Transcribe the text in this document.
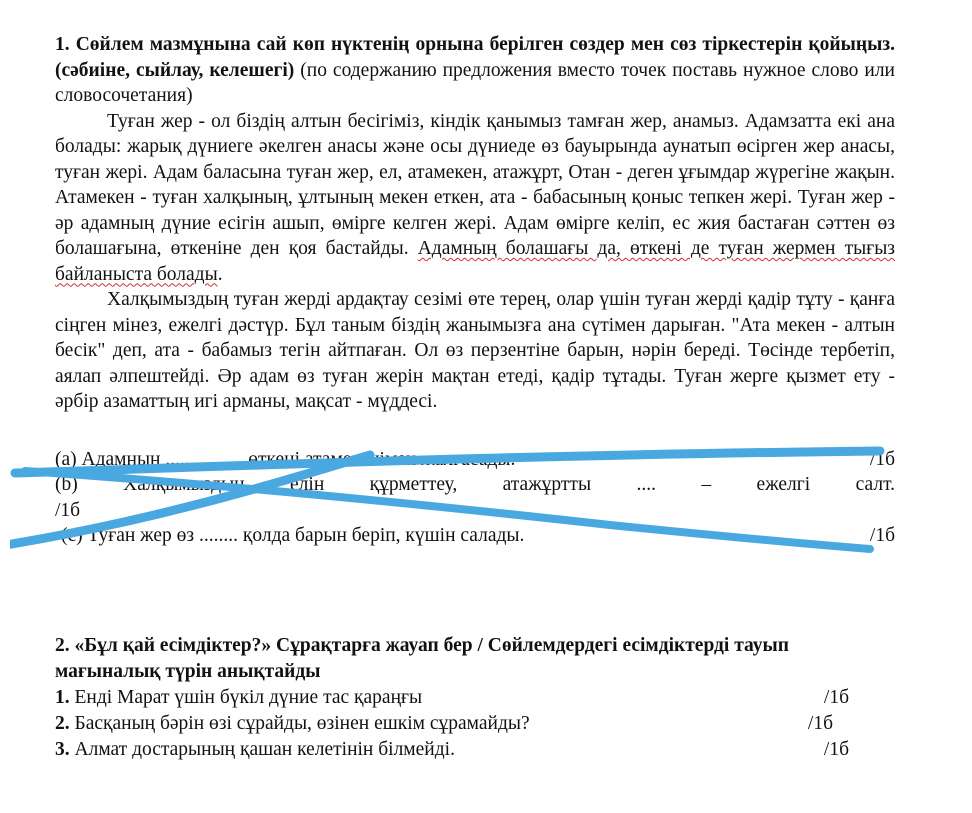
1. Сөйлем мазмұнына сай көп нүктенің орнына берілген сөздер мен сөз тіркестерін қойыңыз. (сәбиіне, сыйлау, келешегі) (по содержанию предложения вместо точек поставь нужное слово или словосочетания)

Туған жер - ол біздің алтын бесігіміз, кіндік қанымыз тамған жер, анамыз. Адамзатта екі ана болады: жарық дүниеге әкелген анасы және осы дүниеде өз бауырында аунатып өсірген жер анасы, туған жері. Адам баласына туған жер, ел, атамекен, атажұрт, Отан - деген ұғымдар жүрегіне жақын. Атамекен - туған халқының, ұлтының мекен еткен, ата - бабасының қоныс тепкен жері. Туған жер - әр адамның дүние есігін ашып, өмірге келген жері. Адам өмірге келіп, ес жия бастаған сәттен өз болашағына, өткеніне ден қоя бастайды. Адамның болашағы да, өткені де туған жермен тығыз байланыста болады.

Халқымыздың туған жерді ардақтау сезімі өте терең, олар үшін туған жерді қадір тұту - қанға сіңген мінез, ежелгі дәстүр. Бұл таным біздің жанымызға ана сүтімен дарыған. "Ата мекен - алтын бесік" деп, ата - бабамыз тегін айтпаған. Ол өз перзентіне барын, нәрін береді. Төсінде тербетіп, аялап әлпештейді. Әр адам өз туған жерін мақтан етеді, қадір тұтады. Туған жерге қызмет ету - әрбір азаматтың игі арманы, мақсат - мүддесі.

(a) Адамның ..............., өткені атамекенімен жалғасады.	/1б
(b) Халқымыздың елін құрметтеу, атажұртты .... – ежелгі салт.
/1б
(c) Туған жер өз ........ қолда барын беріп, күшін салады.	/1б
2. «Бұл қай есімдіктер?» Сұрақтарға жауап бер / Сөйлемдердегі есімдіктерді тауып мағыналық түрін анықтайды
1. Енді Марат үшін бүкіл дүние тас қараңғы	/1б
2. Басқаның бәрін өзі сұрайды, өзінен ешкім сұрамайды?	/1б
3. Алмат достарының қашан келетінін білмейді.	/1б
